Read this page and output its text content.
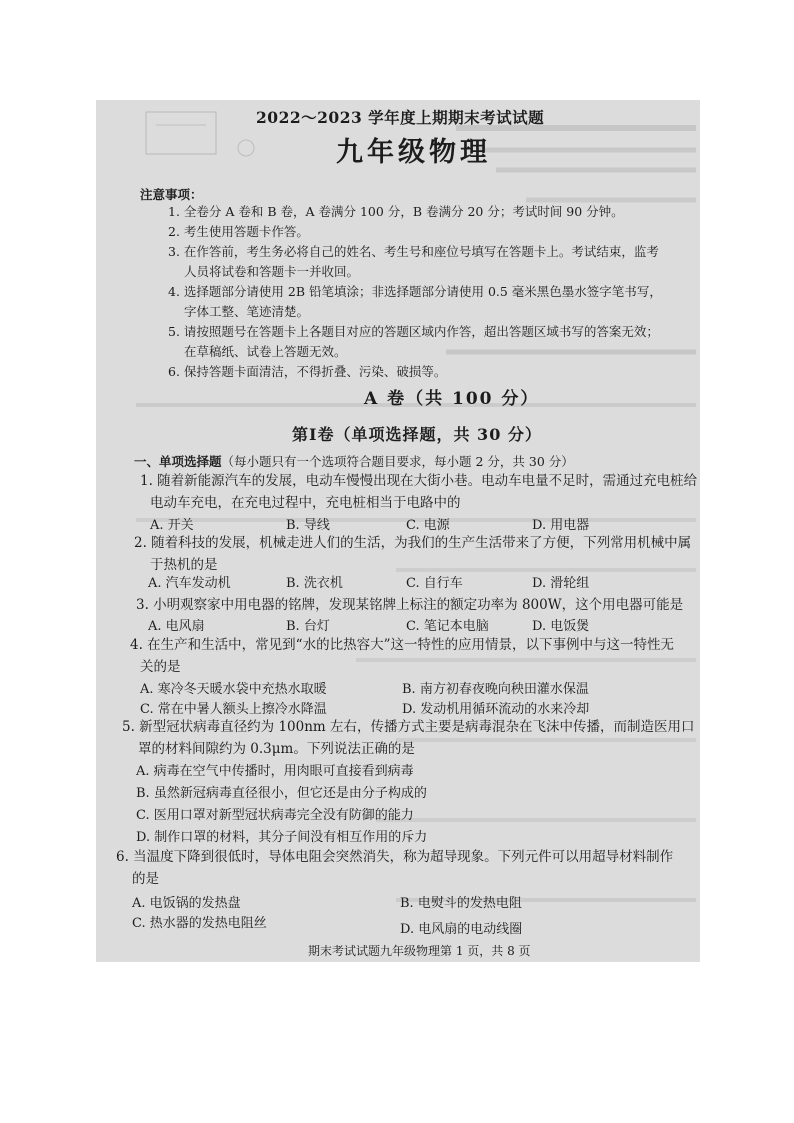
2022～2023 学年度上期期末考试试题
九年级物理
注意事项：
1. 全卷分 A 卷和 B 卷，A 卷满分 100 分，B 卷满分 20 分；考试时间 90 分钟。
2. 考生使用答题卡作答。
3. 在作答前，考生务必将自己的姓名、考生号和座位号填写在答题卡上。考试结束，监考
人员将试卷和答题卡一并收回。
4. 选择题部分请使用 2B 铅笔填涂；非选择题部分请使用 0.5 毫米黑色墨水签字笔书写，
字体工整、笔迹清楚。
5. 请按照题号在答题卡上各题目对应的答题区域内作答，超出答题区域书写的答案无效；
在草稿纸、试卷上答题无效。
6. 保持答题卡面清洁，不得折叠、污染、破损等。
A 卷（共 100 分）
第Ⅰ卷（单项选择题，共 30 分）
一、单项选择题（每小题只有一个选项符合题目要求，每小题 2 分，共 30 分）
1. 随着新能源汽车的发展，电动车慢慢出现在大街小巷。电动车电量不足时，需通过充电桩给
电动车充电，在充电过程中，充电桩相当于电路中的
A. 开关	B. 导线	C. 电源	D. 用电器
2. 随着科技的发展，机械走进人们的生活，为我们的生产生活带来了方便，下列常用机械中属
于热机的是
A. 汽车发动机	B. 洗衣机	C. 自行车	D. 滑轮组
3. 小明观察家中用电器的铭牌，发现某铭牌上标注的额定功率为 800W，这个用电器可能是
A. 电风扇	B. 台灯	C. 笔记本电脑	D. 电饭煲
4. 在生产和生活中，常见到“水的比热容大”这一特性的应用情景，以下事例中与这一特性无
关的是
A. 寒冷冬天暖水袋中充热水取暖	B. 南方初春夜晚向秧田灌水保温
C. 常在中暑人额头上擦冷水降温	D. 发动机用循环流动的水来冷却
5. 新型冠状病毒直径约为 100nm 左右，传播方式主要是病毒混杂在飞沫中传播，而制造医用口
罩的材料间隙约为 0.3μm。下列说法正确的是
A. 病毒在空气中传播时，用肉眼可直接看到病毒
B. 虽然新冠病毒直径很小，但它还是由分子构成的
C. 医用口罩对新型冠状病毒完全没有防御的能力
D. 制作口罩的材料，其分子间没有相互作用的斥力
6. 当温度下降到很低时，导体电阻会突然消失，称为超导现象。下列元件可以用超导材料制作
的是
A. 电饭锅的发热盘	B. 电熨斗的发热电阻
C. 热水器的发热电阻丝	D. 电风扇的电动线圈
期末考试试题九年级物理第 1 页，共 8 页
